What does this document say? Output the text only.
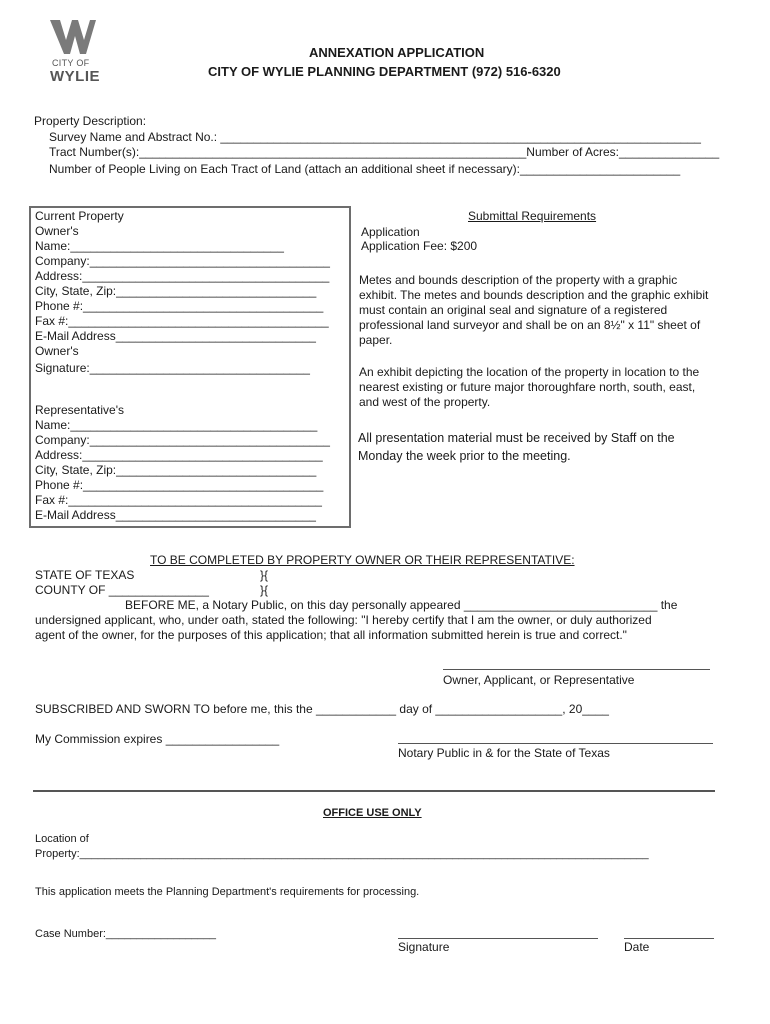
CITY OF
WYLIE
ANNEXATION APPLICATION
CITY OF WYLIE PLANNING DEPARTMENT (972) 516-6320
Property Description:
Survey Name and Abstract No.: ________________________________________________________________________
Tract Number(s):__________________________________________________________Number of Acres:_______________
Number of People Living on Each Tract of Land (attach an additional sheet if necessary):________________________
Current Property
Owner's
Name:________________________________
Company:____________________________________
Address:_____________________________________
City, State, Zip:______________________________
Phone #:____________________________________
Fax #:_______________________________________
E-Mail Address______________________________
Owner's
Signature:_________________________________
Representative's
Name:_____________________________________
Company:____________________________________
Address:____________________________________
City, State, Zip:______________________________
Phone #:____________________________________
Fax #:______________________________________
E-Mail Address______________________________
Submittal Requirements
Application
Application Fee: $200
Metes and bounds description of the property with a graphic exhibit. The metes and bounds description and the graphic exhibit must contain an original seal and signature of a registered professional land surveyor and shall be on an 8½" x 11" sheet of paper.
An exhibit depicting the location of the property in location to the nearest existing or future major thoroughfare north, south, east, and west of the property.
All presentation material must be received by Staff on the Monday the week prior to the meeting.
TO BE COMPLETED BY PROPERTY OWNER OR THEIR REPRESENTATIVE:
STATE OF TEXAS	}{
COUNTY OF _______________	}{
BEFORE ME, a Notary Public, on this day personally appeared _____________________________ the
undersigned applicant, who, under oath, stated the following: "I hereby certify that I am the owner, or duly authorized
agent of the owner, for the purposes of this application; that all information submitted herein is true and correct."
Owner, Applicant, or Representative
SUBSCRIBED AND SWORN TO before me, this the ____________ day of ___________________, 20____
My Commission expires _________________
Notary Public in & for the State of Texas
OFFICE USE ONLY
Location of
Property:_____________________________________________________________________________________________
This application meets the Planning Department's requirements for processing.
Case Number:__________________
Signature	Date
